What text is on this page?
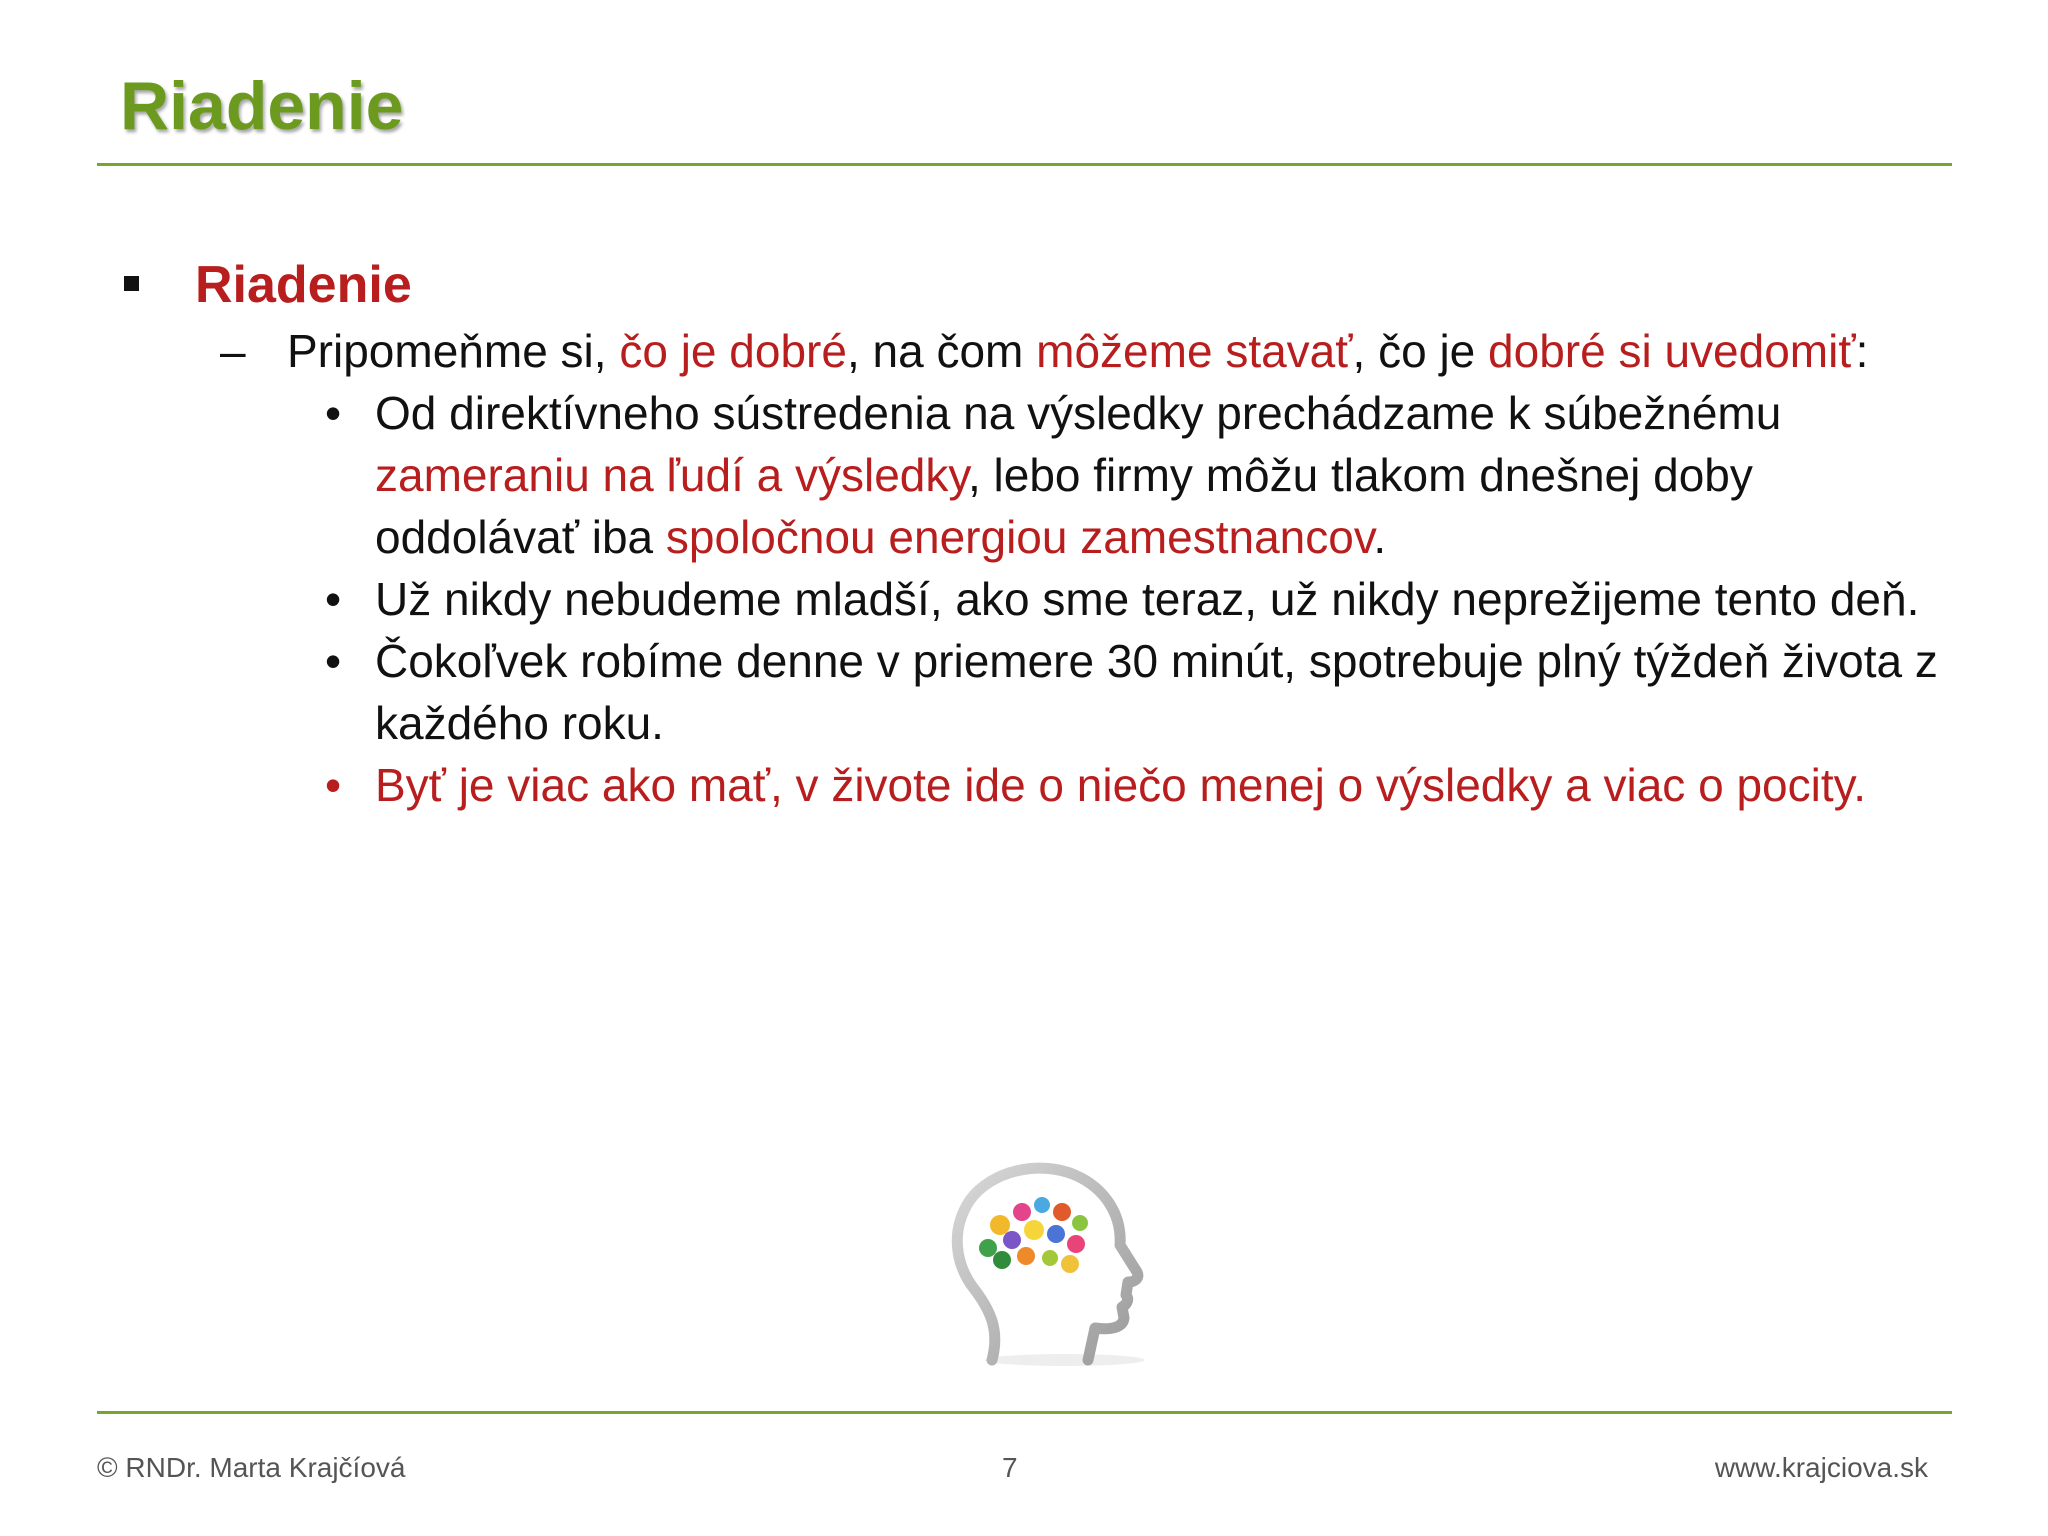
Riadenie
Riadenie
– Pripomeňme si, čo je dobré, na čom môžeme stavať, čo je dobré si uvedomiť:
• Od direktívneho sústredenia na výsledky prechádzame k súbežnému zameraniu na ľudí a výsledky, lebo firmy môžu tlakom dnešnej doby oddolávať iba spoločnou energiou zamestnancov.
• Už nikdy nebudeme mladší, ako sme teraz, už nikdy neprežijeme tento deň.
• Čokoľvek robíme denne v priemere 30 minút, spotrebuje plný týždeň života z každého roku.
• Byť je viac ako mať, v živote ide o niečo menej o výsledky a viac o pocity.
© RNDr. Marta Krajčíová	7	www.krajciova.sk
